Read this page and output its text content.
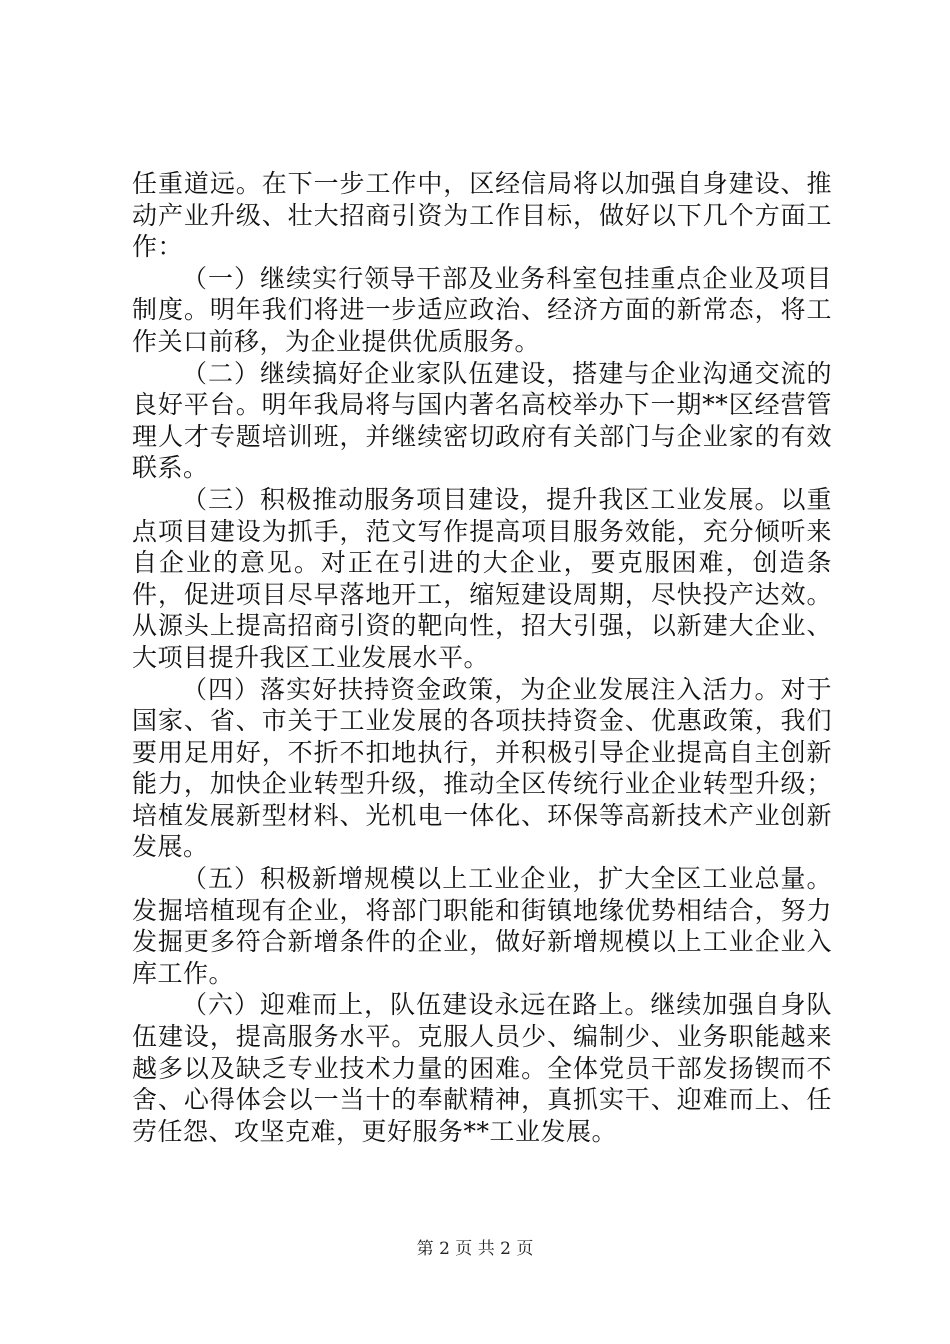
任重道远。在下一步工作中，区经信局将以加强自身建设、推动产业升级、壮大招商引资为工作目标，做好以下几个方面工作：

（一）继续实行领导干部及业务科室包挂重点企业及项目制度。明年我们将进一步适应政治、经济方面的新常态，将工作关口前移，为企业提供优质服务。

（二）继续搞好企业家队伍建设，搭建与企业沟通交流的良好平台。明年我局将与国内著名高校举办下一期**区经营管理人才专题培训班，并继续密切政府有关部门与企业家的有效联系。

（三）积极推动服务项目建设，提升我区工业发展。以重点项目建设为抓手，范文写作提高项目服务效能，充分倾听来自企业的意见。对正在引进的大企业，要克服困难，创造条件，促进项目尽早落地开工，缩短建设周期，尽快投产达效。从源头上提高招商引资的靶向性，招大引强，以新建大企业、大项目提升我区工业发展水平。

（四）落实好扶持资金政策，为企业发展注入活力。对于国家、省、市关于工业发展的各项扶持资金、优惠政策，我们要用足用好，不折不扣地执行，并积极引导企业提高自主创新能力，加快企业转型升级，推动全区传统行业企业转型升级；培植发展新型材料、光机电一体化、环保等高新技术产业创新发展。

（五）积极新增规模以上工业企业，扩大全区工业总量。发掘培植现有企业，将部门职能和街镇地缘优势相结合，努力发掘更多符合新增条件的企业，做好新增规模以上工业企业入库工作。

（六）迎难而上，队伍建设永远在路上。继续加强自身队伍建设，提高服务水平。克服人员少、编制少、业务职能越来越多以及缺乏专业技术力量的困难。全体党员干部发扬锲而不舍、心得体会以一当十的奉献精神，真抓实干、迎难而上、任劳任怨、攻坚克难，更好服务**工业发展。

第 2 页 共 2 页
